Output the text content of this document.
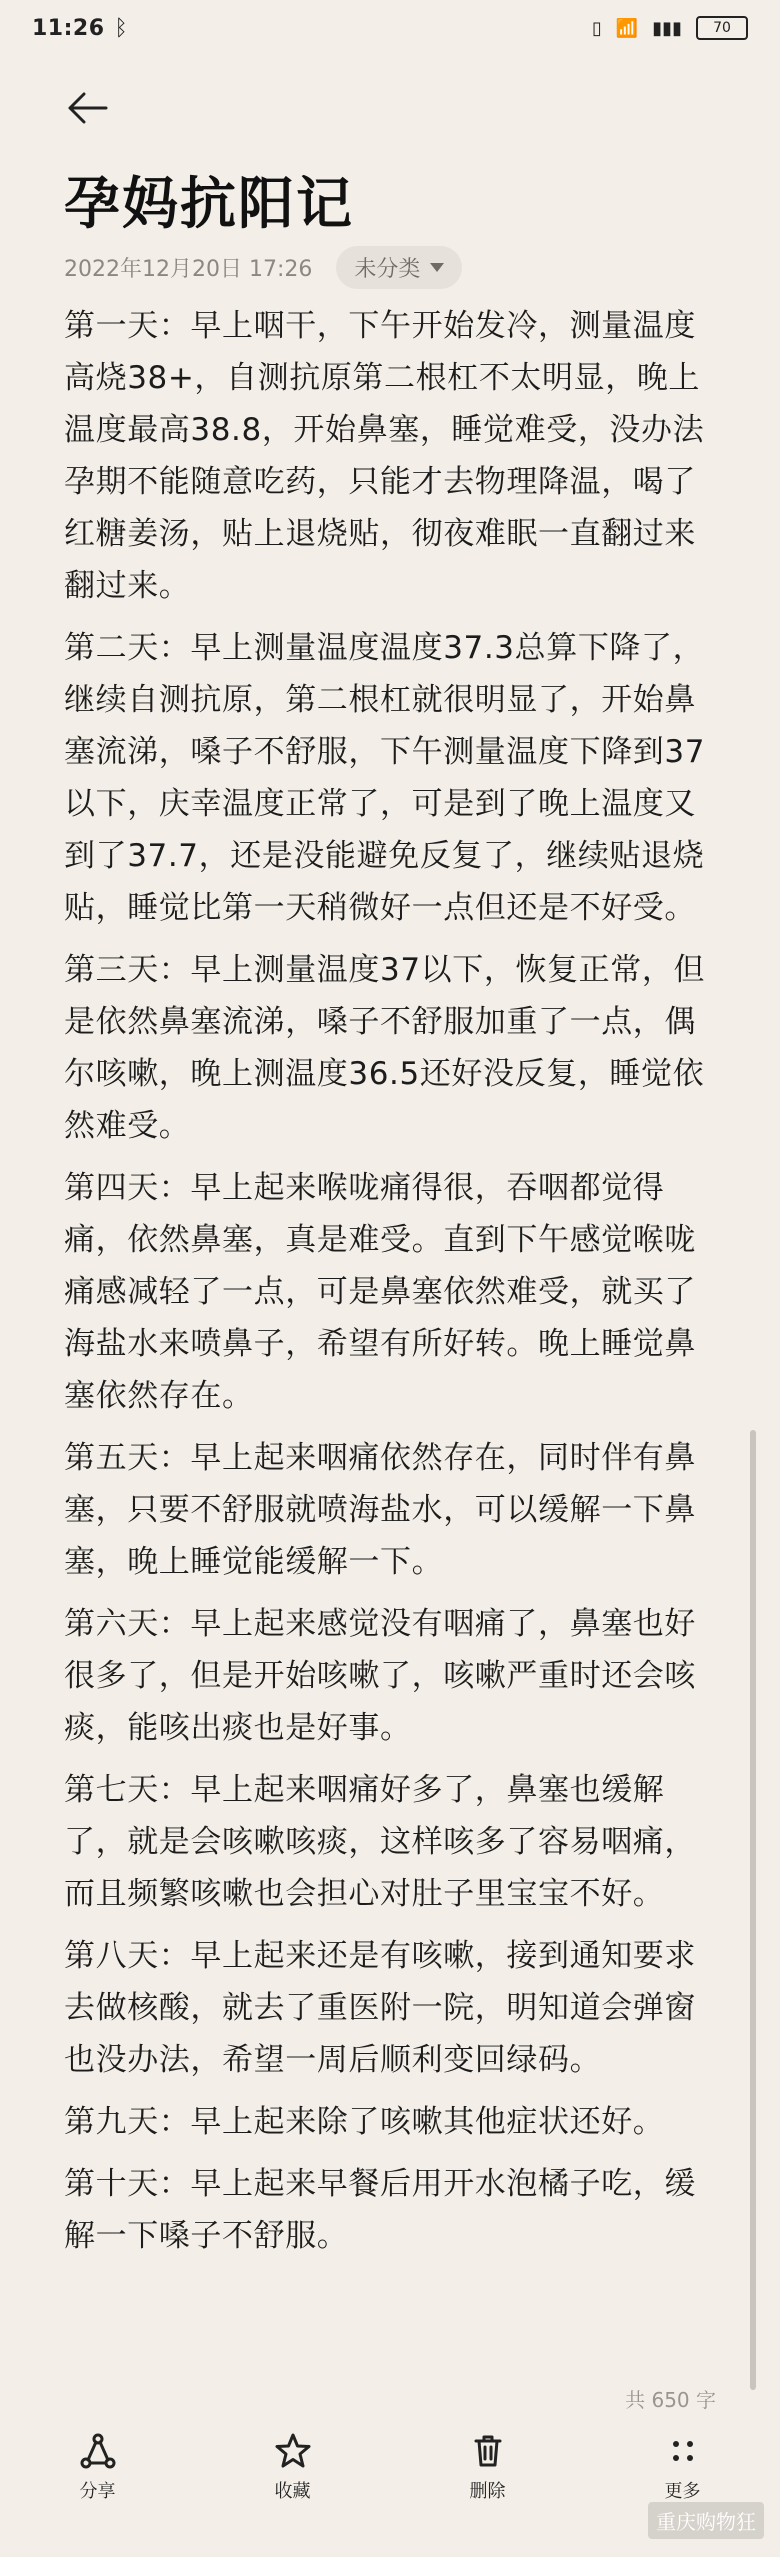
11:26 ᛒ	▯ 📶 ▮▮▮	70
孕妈抗阳记
2022年12月20日 17:26 未分类

第一天：早上咽干，下午开始发冷，测量温度高烧38+，自测抗原第二根杠不太明显，晚上温度最高38.8，开始鼻塞，睡觉难受，没办法孕期不能随意吃药，只能才去物理降温，喝了红糖姜汤，贴上退烧贴，彻夜难眠一直翻过来翻过来。

第二天：早上测量温度温度37.3总算下降了，继续自测抗原，第二根杠就很明显了，开始鼻塞流涕，嗓子不舒服，下午测量温度下降到37以下，庆幸温度正常了，可是到了晚上温度又到了37.7，还是没能避免反复了，继续贴退烧贴，睡觉比第一天稍微好一点但还是不好受。

第三天：早上测量温度37以下，恢复正常，但是依然鼻塞流涕，嗓子不舒服加重了一点，偶尔咳嗽，晚上测温度36.5还好没反复，睡觉依然难受。

第四天：早上起来喉咙痛得很，吞咽都觉得痛，依然鼻塞，真是难受。直到下午感觉喉咙痛感减轻了一点，可是鼻塞依然难受，就买了海盐水来喷鼻子，希望有所好转。晚上睡觉鼻塞依然存在。

第五天：早上起来咽痛依然存在，同时伴有鼻塞，只要不舒服就喷海盐水，可以缓解一下鼻塞，晚上睡觉能缓解一下。

第六天：早上起来感觉没有咽痛了，鼻塞也好很多了，但是开始咳嗽了，咳嗽严重时还会咳痰，能咳出痰也是好事。

第七天：早上起来咽痛好多了，鼻塞也缓解了，就是会咳嗽咳痰，这样咳多了容易咽痛，而且频繁咳嗽也会担心对肚子里宝宝不好。

第八天：早上起来还是有咳嗽，接到通知要求去做核酸，就去了重医附一院，明知道会弹窗也没办法，希望一周后顺利变回绿码。

第九天：早上起来除了咳嗽其他症状还好。

第十天：早上起来早餐后用开水泡橘子吃，缓解一下嗓子不舒服。

共 650 字
分享	收藏	删除	更多
重庆购物狂
